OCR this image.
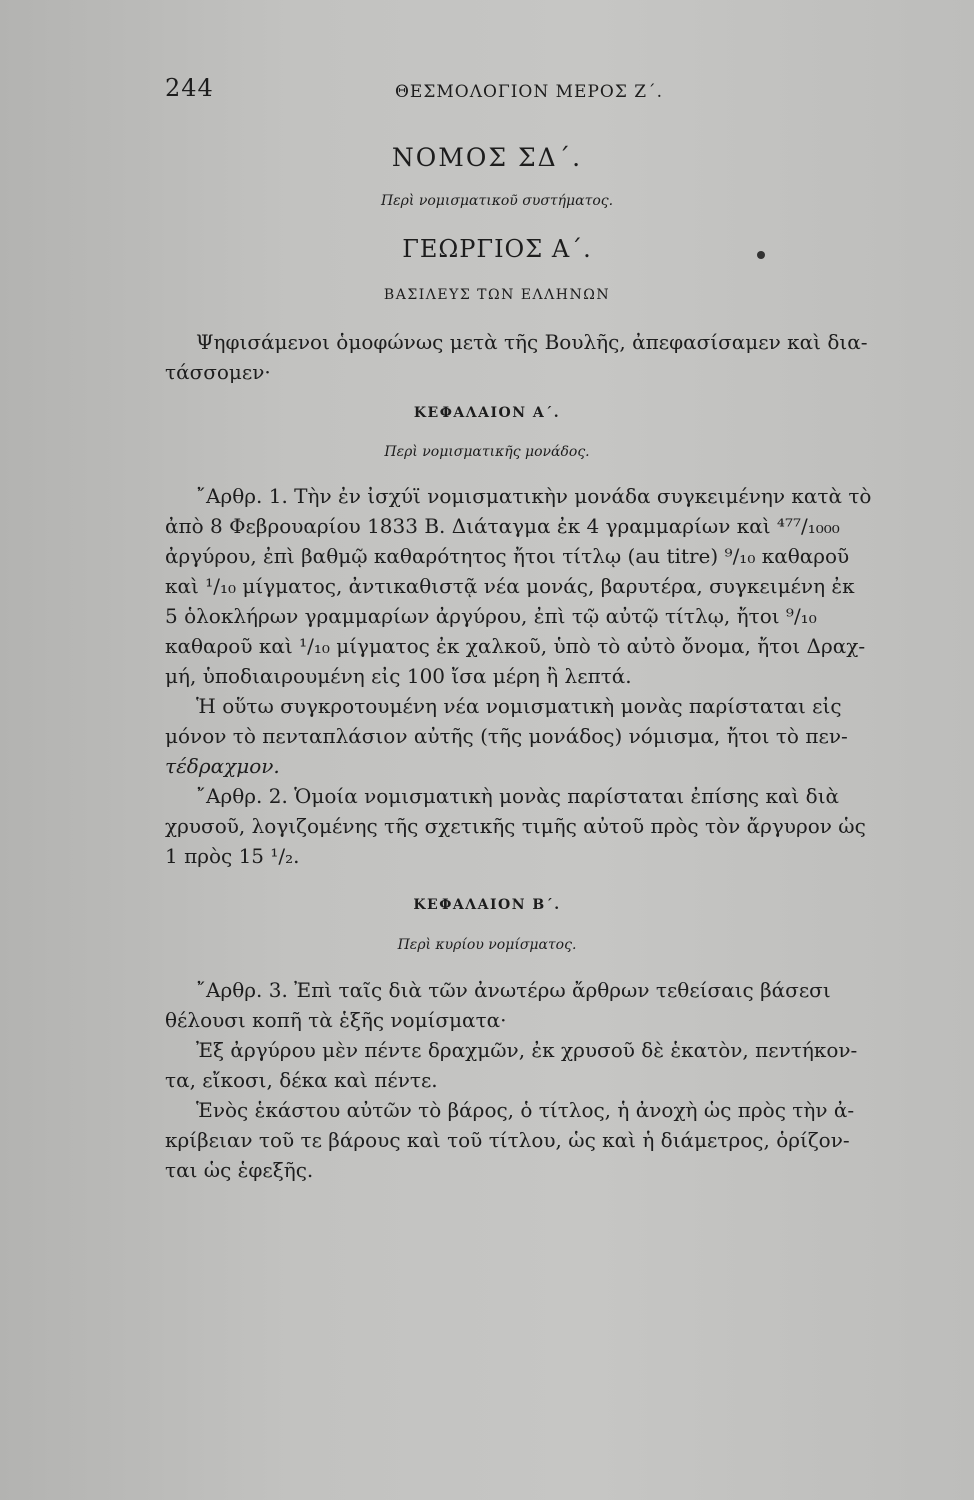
244	ΘΕΣΜΟΛΟΓΙΟΝ ΜΕΡΟΣ Ζ΄.
ΝΟΜΟΣ ΣΔ΄.
Περὶ νομισματικοῦ συστήματος.
ΓΕΩΡΓΙΟΣ Α΄.
ΒΑΣΙΛΕΥΣ ΤΩΝ ΕΛΛΗΝΩΝ
Ψηφισάμενοι ὁμοφώνως μετὰ τῆς Βουλῆς, ἀπεφασίσαμεν καὶ δια-
τάσσομεν·
ΚΕΦΑΛΑΙΟΝ Α΄.
Περὶ νομισματικῆς μονάδος.
῎Αρθρ. 1. Τὴν ἐν ἰσχύϊ νομισματικὴν μονάδα συγκειμένην κατὰ τὸ
ἀπὸ 8 Φεβρουαρίου 1833 Β. Διάταγμα ἐκ 4 γραμμαρίων καὶ ⁴⁷⁷/₁₀₀₀
ἀργύρου, ἐπὶ βαθμῷ καθαρότητος ἤτοι τίτλῳ (au titre) ⁹/₁₀ καθαροῦ
καὶ ¹/₁₀ μίγματος, ἀντικαθιστᾷ νέα μονάς, βαρυτέρα, συγκειμένη ἐκ
5 ὁλοκλήρων γραμμαρίων ἀργύρου, ἐπὶ τῷ αὐτῷ τίτλῳ, ἤτοι ⁹/₁₀
καθαροῦ καὶ ¹/₁₀ μίγματος ἐκ χαλκοῦ, ὑπὸ τὸ αὐτὸ ὄνομα, ἤτοι Δραχ-
μή, ὑποδιαιρουμένη εἰς 100 ἴσα μέρη ἢ λεπτά.
Ἡ οὕτω συγκροτουμένη νέα νομισματικὴ μονὰς παρίσταται εἰς
μόνον τὸ πενταπλάσιον αὐτῆς (τῆς μονάδος) νόμισμα, ἤτοι τὸ πεν-
τέδραχμον.
῎Αρθρ. 2. Ὁμοία νομισματικὴ μονὰς παρίσταται ἐπίσης καὶ διὰ
χρυσοῦ, λογιζομένης τῆς σχετικῆς τιμῆς αὐτοῦ πρὸς τὸν ἄργυρον ὡς
1 πρὸς 15 ¹/₂.
ΚΕΦΑΛΑΙΟΝ Β΄.
Περὶ κυρίου νομίσματος.
῎Αρθρ. 3. Ἐπὶ ταῖς διὰ τῶν ἀνωτέρω ἄρθρων τεθείσαις βάσεσι
θέλουσι κοπῆ τὰ ἑξῆς νομίσματα·
Ἐξ ἀργύρου μὲν πέντε δραχμῶν, ἐκ χρυσοῦ δὲ ἑκατὸν, πεντήκον-
τα, εἴκοσι, δέκα καὶ πέντε.
Ἑνὸς ἑκάστου αὐτῶν τὸ βάρος, ὁ τίτλος, ἡ ἀνοχὴ ὡς πρὸς τὴν ἀ-
κρίβειαν τοῦ τε βάρους καὶ τοῦ τίτλου, ὡς καὶ ἡ διάμετρος, ὁρίζον-
ται ὡς ἑφεξῆς.
